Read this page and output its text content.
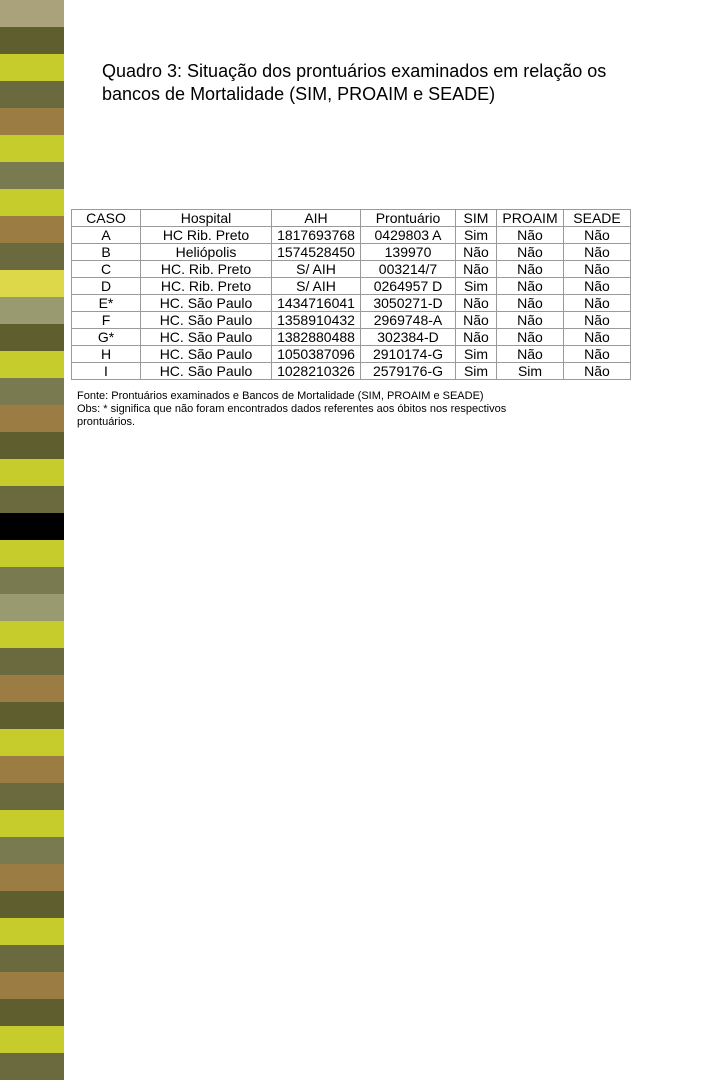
Quadro 3: Situação dos prontuários examinados em relação os
bancos de Mortalidade (SIM, PROAIM e SEADE)
CASO	Hospital	AIH	Prontuário	SIM	PROAIM	SEADE
A	HC Rib. Preto	1817693768	0429803 A	Sim	Não	Não
B	Heliópolis	1574528450	139970	Não	Não	Não
C	HC. Rib. Preto	S/ AIH	003214/7	Não	Não	Não
D	HC. Rib. Preto	S/ AIH	0264957 D	Sim	Não	Não
E*	HC. São Paulo	1434716041	3050271-D	Não	Não	Não
F	HC. São Paulo	1358910432	2969748-A	Não	Não	Não
G*	HC. São Paulo	1382880488	302384-D	Não	Não	Não
H	HC. São Paulo	1050387096	2910174-G	Sim	Não	Não
I	HC. São Paulo	1028210326	2579176-G	Sim	Sim	Não
Fonte: Prontuários examinados e Bancos de Mortalidade (SIM, PROAIM e SEADE)
Obs: * significa que não foram encontrados dados referentes aos óbitos nos respectivos
prontuários.
